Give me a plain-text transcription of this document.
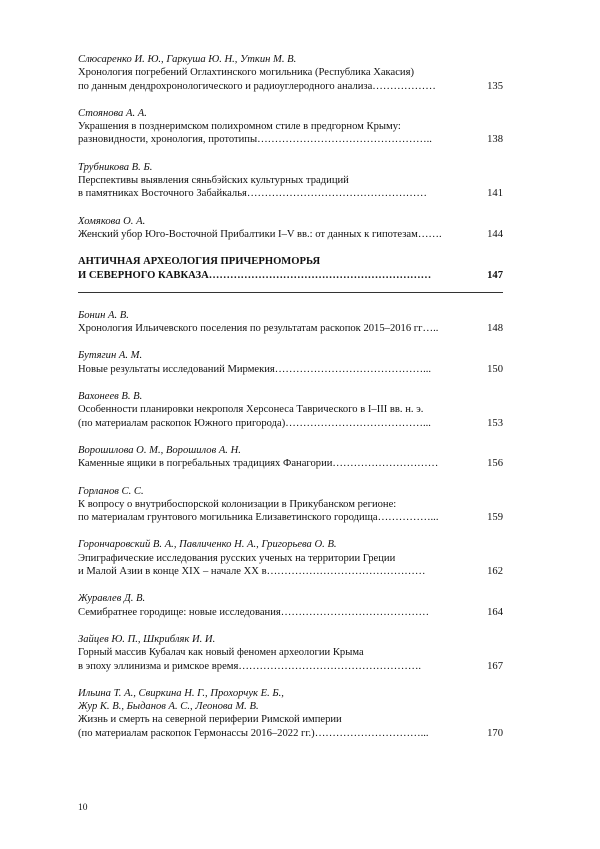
Слюсаренко И. Ю., Гаркуша Ю. Н., Уткин М. В.
Хронология погребений Оглахтинского могильника (Республика Хакасия)
по данным дендрохронологического и радиоуглеродного анализа………………	135
Стоянова А. А.
Украшения в позднеримском полихромном стиле в предгорном Крыму:
разновидности, хронология, прототипы…………………………………………..	138
Трубникова В. Б.
Перспективы выявления сяньбэйских культурных традиций
в памятниках Восточного Забайкалья……………………………………………	141
Хомякова О. А.
Женский убор Юго-Восточной Прибалтики I–V вв.: от данных к гипотезам…….	144
АНТИЧНАЯ АРХЕОЛОГИЯ ПРИЧЕРНОМОРЬЯ
И СЕВЕРНОГО КАВКАЗА………………………………………………………	147
Бонин А. В.
Хронология Ильичевского поселения по результатам раскопок 2015–2016 гг…..	148
Бутягин А. М.
Новые результаты исследований Мирмекия……………………………………...	150
Вахонеев В. В.
Особенности планировки некрополя Херсонеса Таврического в I–III вв. н. э.
(по материалам раскопок Южного пригорода)…………………………………...	153
Ворошилова О. М., Ворошилов А. Н.
Каменные ящики в погребальных традициях Фанагории…………………………	156
Горланов С. С.
К вопросу о внутрибоспорской колонизации в Прикубанском регионе:
по материалам грунтового могильника Елизаветинского городища……………...	159
Горончаровский В. А., Павличенко Н. А., Григорьева О. В.
Эпиграфические исследования русских ученых на территории Греции
и Малой Азии в конце XIX – начале XX в………………………………………	162
Журавлев Д. В.
Семибратнее городище: новые исследования……………………………………	164
Зайцев Ю. П., Шкрибляк И. И.
Горный массив Кубалач как новый феномен археологии Крыма
в эпоху эллинизма и римское время…………………………………………….	167
Ильина Т. А., Свиркина Н. Г., Прохорчук Е. Б.,
Жур К. В., Быданов А. С., Леонова М. В.
Жизнь и смерть на северной периферии Римской империи
(по материалам раскопок Гермонассы 2016–2022 гг.)…………………………...	170
10
